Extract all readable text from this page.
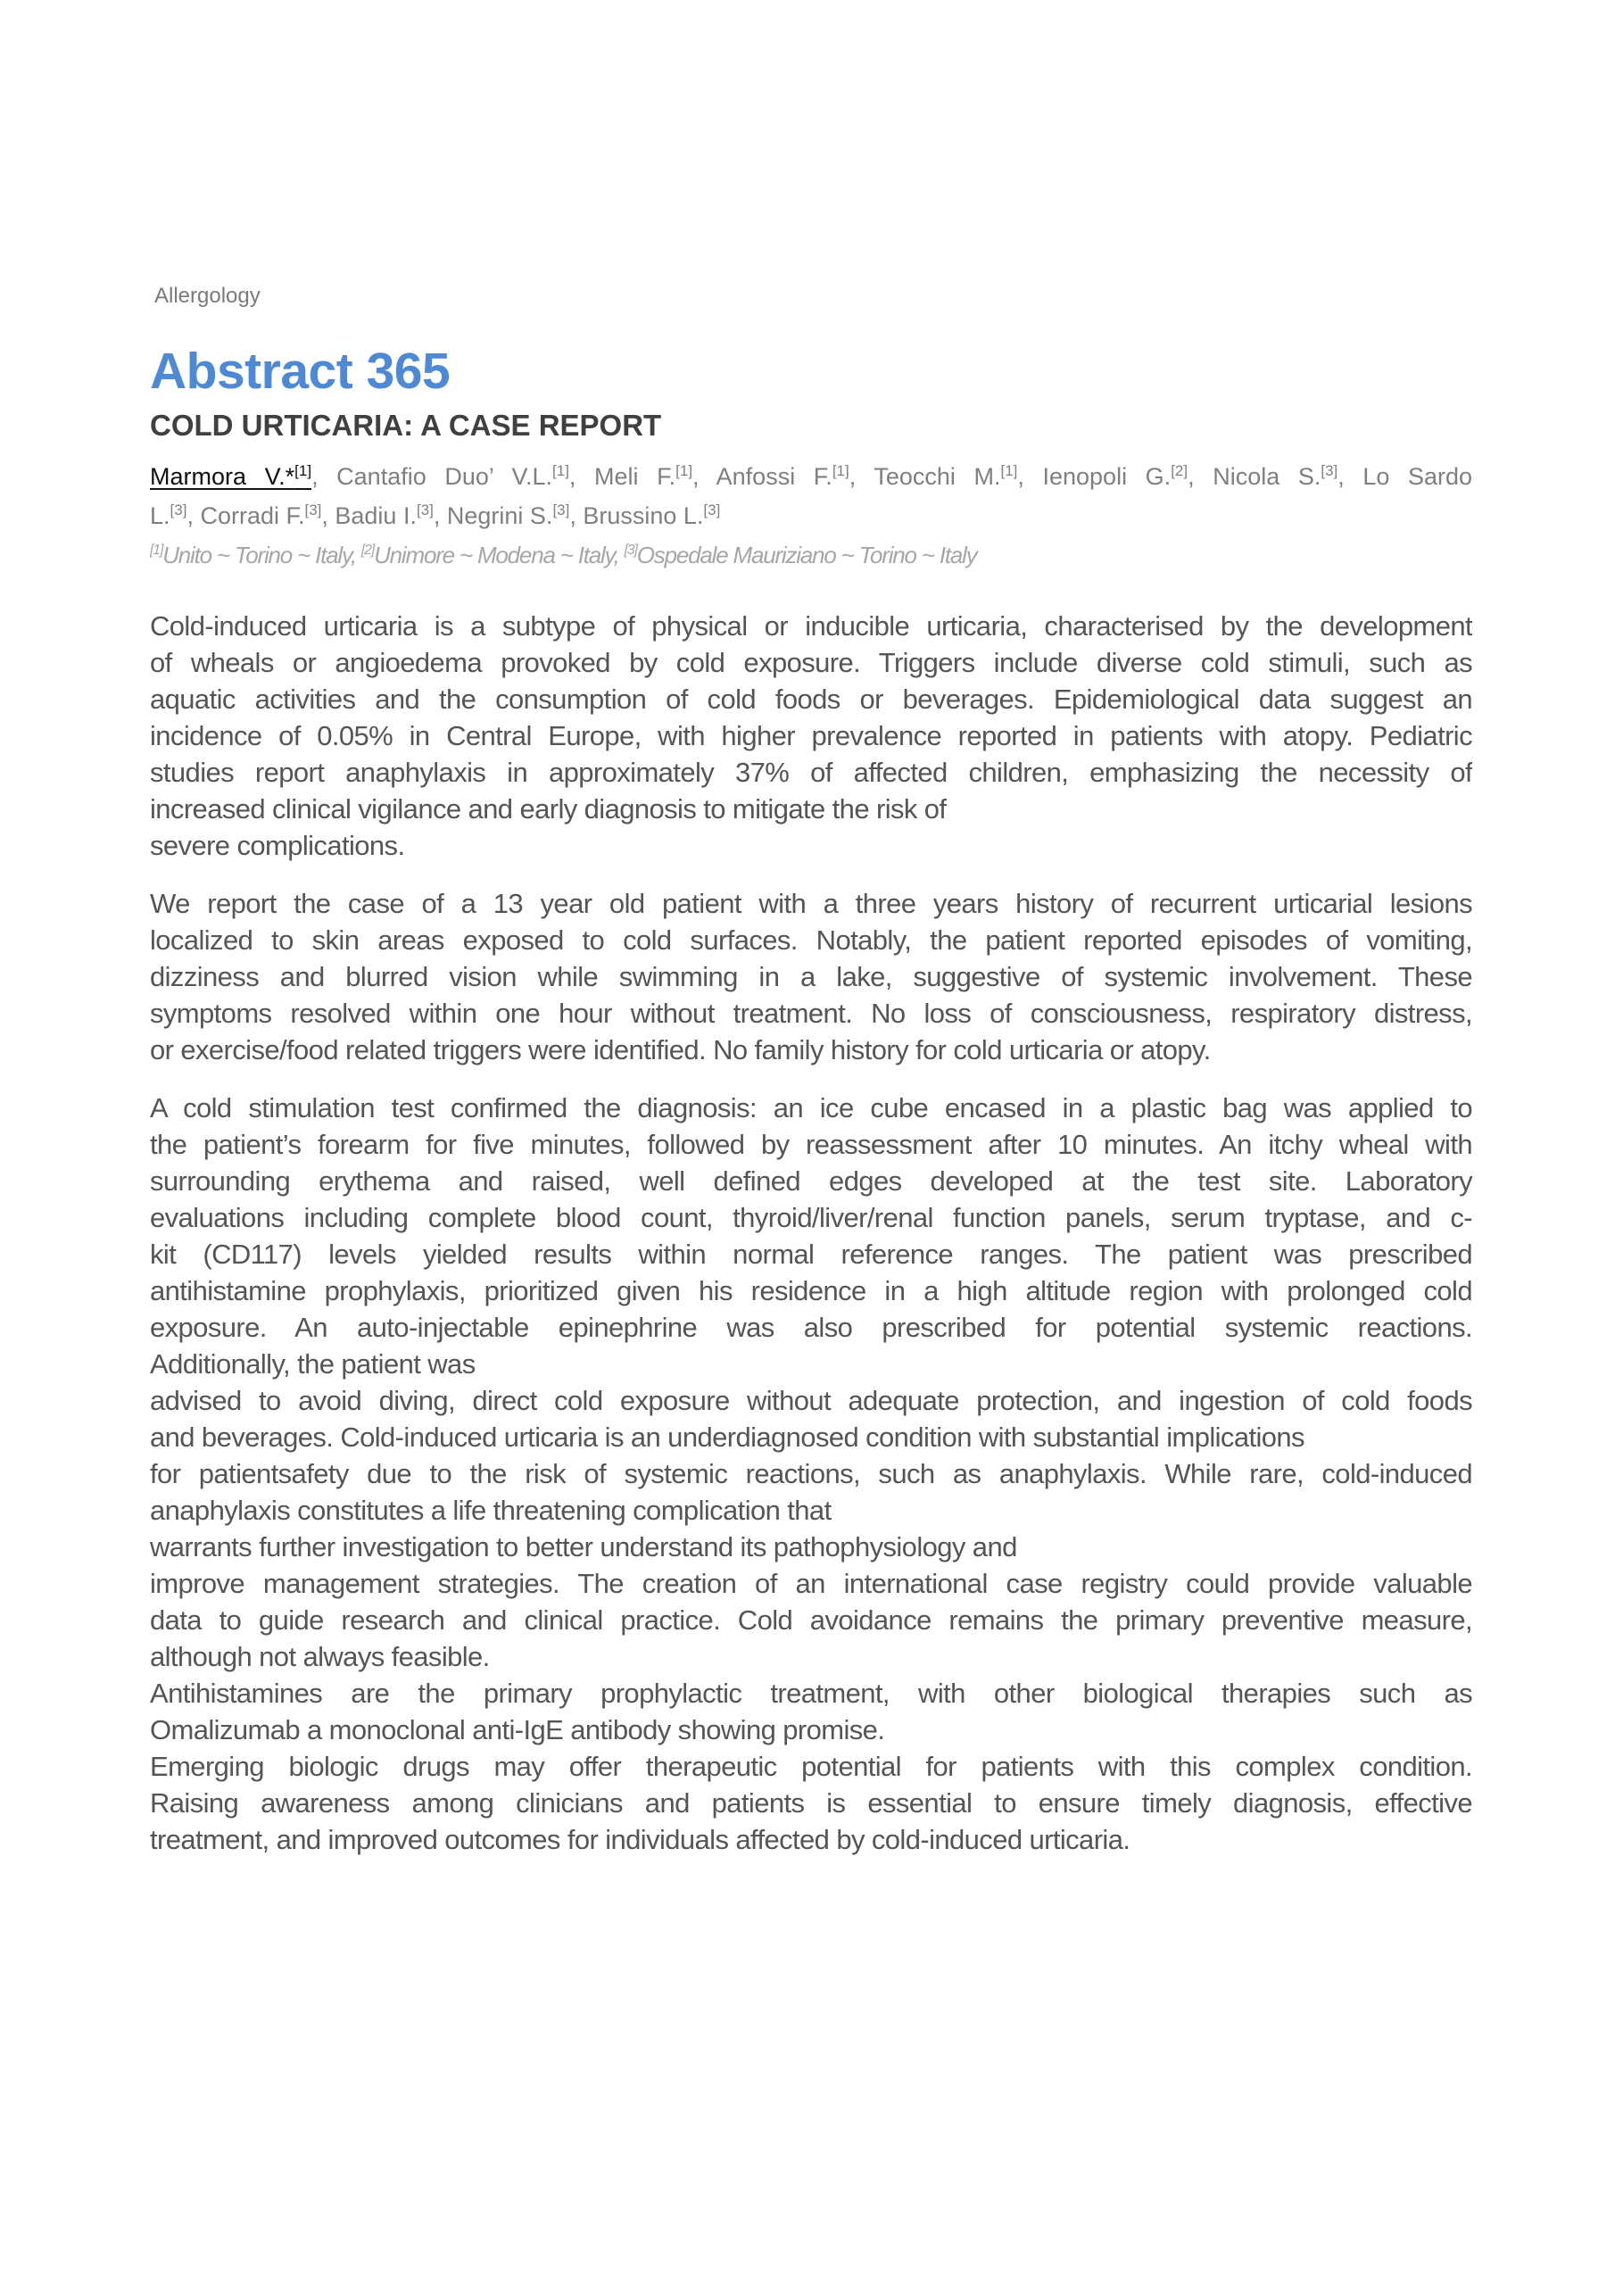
Allergology
Abstract 365
COLD URTICARIA: A CASE REPORT
Marmora V.*[1], Cantafio Duo’ V.L.[1], Meli F.[1], Anfossi F.[1], Teocchi M.[1], Ienopoli G.[2], Nicola S.[3], Lo Sardo
L.[3], Corradi F.[3], Badiu I.[3], Negrini S.[3], Brussino L.[3]
[1]Unito ~ Torino ~ Italy, [2]Unimore ~ Modena ~ Italy, [3]Ospedale Mauriziano ~ Torino ~ Italy
Cold-induced urticaria is a subtype of physical or inducible urticaria, characterised by the development
of wheals or angioedema provoked by cold exposure. Triggers include diverse cold stimuli, such as
aquatic activities and the consumption of cold foods or beverages. Epidemiological data suggest an
incidence of 0.05% in Central Europe, with higher prevalence reported in patients with atopy. Pediatric
studies report anaphylaxis in approximately 37% of affected children, emphasizing the necessity of
increased clinical vigilance and early diagnosis to mitigate the risk of
severe complications.
We report the case of a 13 year old patient with a three years history of recurrent urticarial lesions
localized to skin areas exposed to cold surfaces. Notably, the patient reported episodes of vomiting,
dizziness and blurred vision while swimming in a lake, suggestive of systemic involvement. These
symptoms resolved within one hour without treatment. No loss of consciousness, respiratory distress,
or exercise/food related triggers were identified. No family history for cold urticaria or atopy.
A cold stimulation test confirmed the diagnosis: an ice cube encased in a plastic bag was applied to
the patient’s forearm for five minutes, followed by reassessment after 10 minutes. An itchy wheal with
surrounding erythema and raised, well defined edges developed at the test site. Laboratory
evaluations including complete blood count, thyroid/liver/renal function panels, serum tryptase, and c-
kit (CD117) levels yielded results within normal reference ranges. The patient was prescribed
antihistamine prophylaxis, prioritized given his residence in a high altitude region with prolonged cold
exposure. An auto-injectable epinephrine was also prescribed for potential systemic reactions.
Additionally, the patient was
advised to avoid diving, direct cold exposure without adequate protection, and ingestion of cold foods
and beverages. Cold-induced urticaria is an underdiagnosed condition with substantial implications
for patientsafety due to the risk of systemic reactions, such as anaphylaxis. While rare, cold-induced
anaphylaxis constitutes a life threatening complication that
warrants further investigation to better understand its pathophysiology and
improve management strategies. The creation of an international case registry could provide valuable
data to guide research and clinical practice. Cold avoidance remains the primary preventive measure,
although not always feasible.
Antihistamines are the primary prophylactic treatment, with other biological therapies such as
Omalizumab a monoclonal anti-IgE antibody showing promise.
Emerging biologic drugs may offer therapeutic potential for patients with this complex condition.
Raising awareness among clinicians and patients is essential to ensure timely diagnosis, effective
treatment, and improved outcomes for individuals affected by cold-induced urticaria.
